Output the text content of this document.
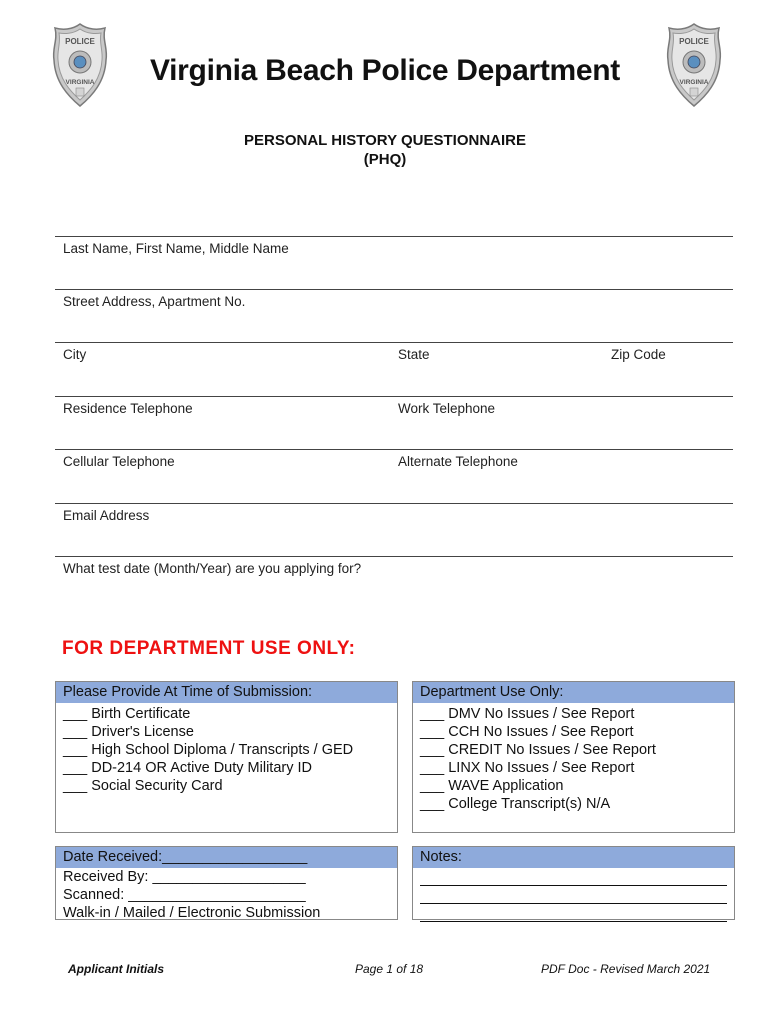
POLICE
VIRGINIA
POLICE
VIRGINIA
Virginia Beach Police Department
PERSONAL HISTORY QUESTIONNAIRE
(PHQ)
Last Name, First Name, Middle Name
Street Address, Apartment No.
City	State	Zip Code
Residence Telephone	Work Telephone
Cellular Telephone	Alternate Telephone
Email Address
What test date (Month/Year) are you applying for?
FOR DEPARTMENT USE ONLY:
Please Provide At Time of Submission:
___ Birth Certificate
___ Driver's License
___ High School Diploma / Transcripts / GED
___ DD-214 OR Active Duty Military ID
___ Social Security Card
Department Use Only:
___ DMV No Issues / See Report
___ CCH No Issues / See Report
___ CREDIT No Issues / See Report
___ LINX No Issues / See Report
___ WAVE Application
___ College Transcript(s) N/A
Date Received:__________________
Received By: ___________________
Scanned: ______________________
Walk-in / Mailed / Electronic Submission
Notes:
Applicant Initials	Page 1 of 18	PDF Doc - Revised March 2021
